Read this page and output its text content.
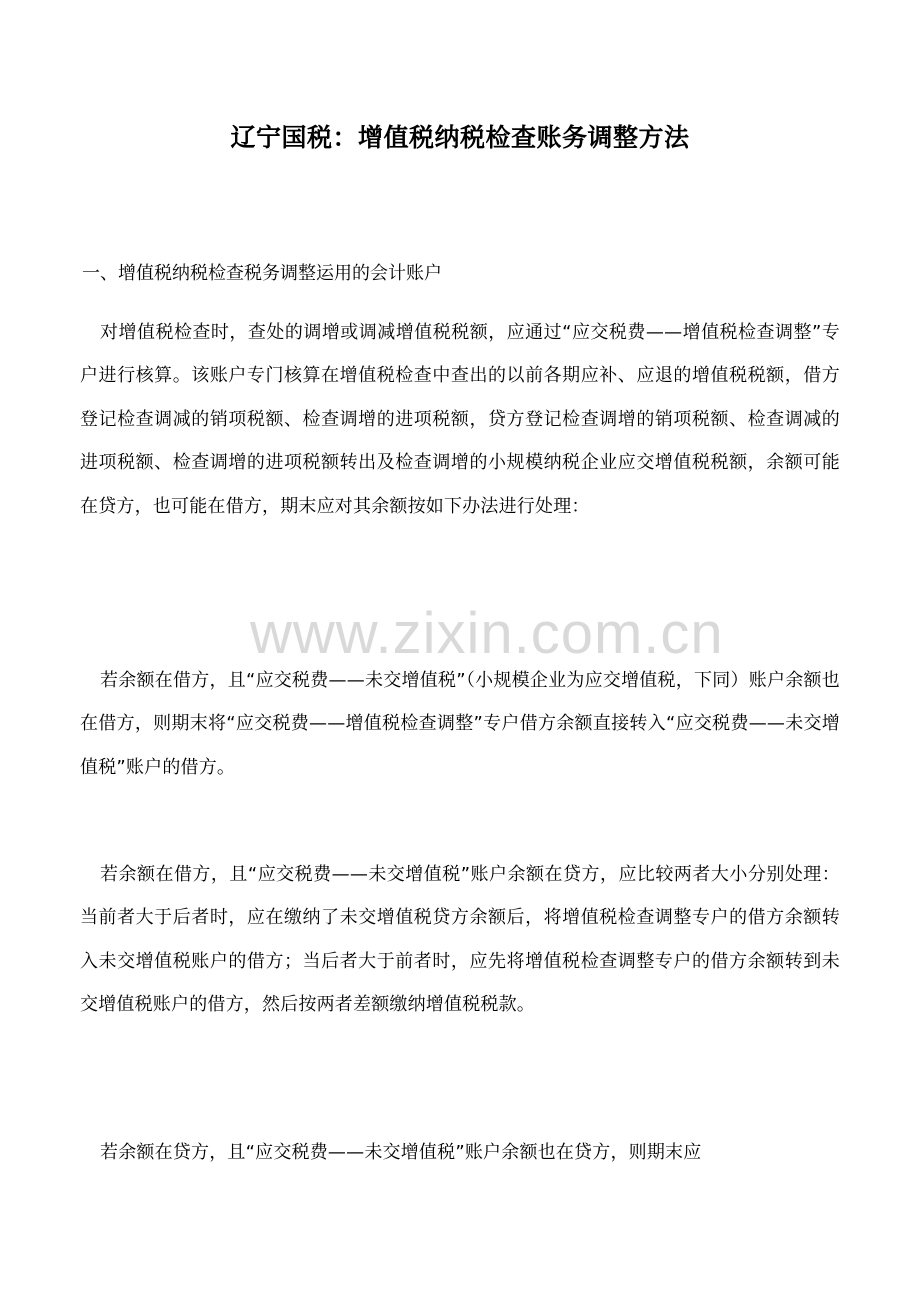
辽宁国税：增值税纳税检查账务调整方法

一、增值税纳税检查税务调整运用的会计账户

对增值税检查时，查处的调增或调减增值税税额，应通过“应交税费——增值税检查调整”专户进行核算。该账户专门核算在增值税检查中查出的以前各期应补、应退的增值税税额，借方登记检查调减的销项税额、检查调增的进项税额，贷方登记检查调增的销项税额、检查调减的进项税额、检查调增的进项税额转出及检查调增的小规模纳税企业应交增值税税额，余额可能在贷方，也可能在借方，期末应对其余额按如下办法进行处理：

若余额在借方，且“应交税费——未交增值税”（小规模企业为应交增值税，下同）账户余额也在借方，则期末将“应交税费——增值税检查调整”专户借方余额直接转入“应交税费——未交增值税”账户的借方。

若余额在借方，且“应交税费——未交增值税”账户余额在贷方，应比较两者大小分别处理：当前者大于后者时，应在缴纳了未交增值税贷方余额后，将增值税检查调整专户的借方余额转入未交增值税账户的借方；当后者大于前者时，应先将增值税检查调整专户的借方余额转到未交增值税账户的借方，然后按两者差额缴纳增值税税款。

若余额在贷方，且“应交税费——未交增值税”账户余额也在贷方，则期末应

www.zixin.com.cn
